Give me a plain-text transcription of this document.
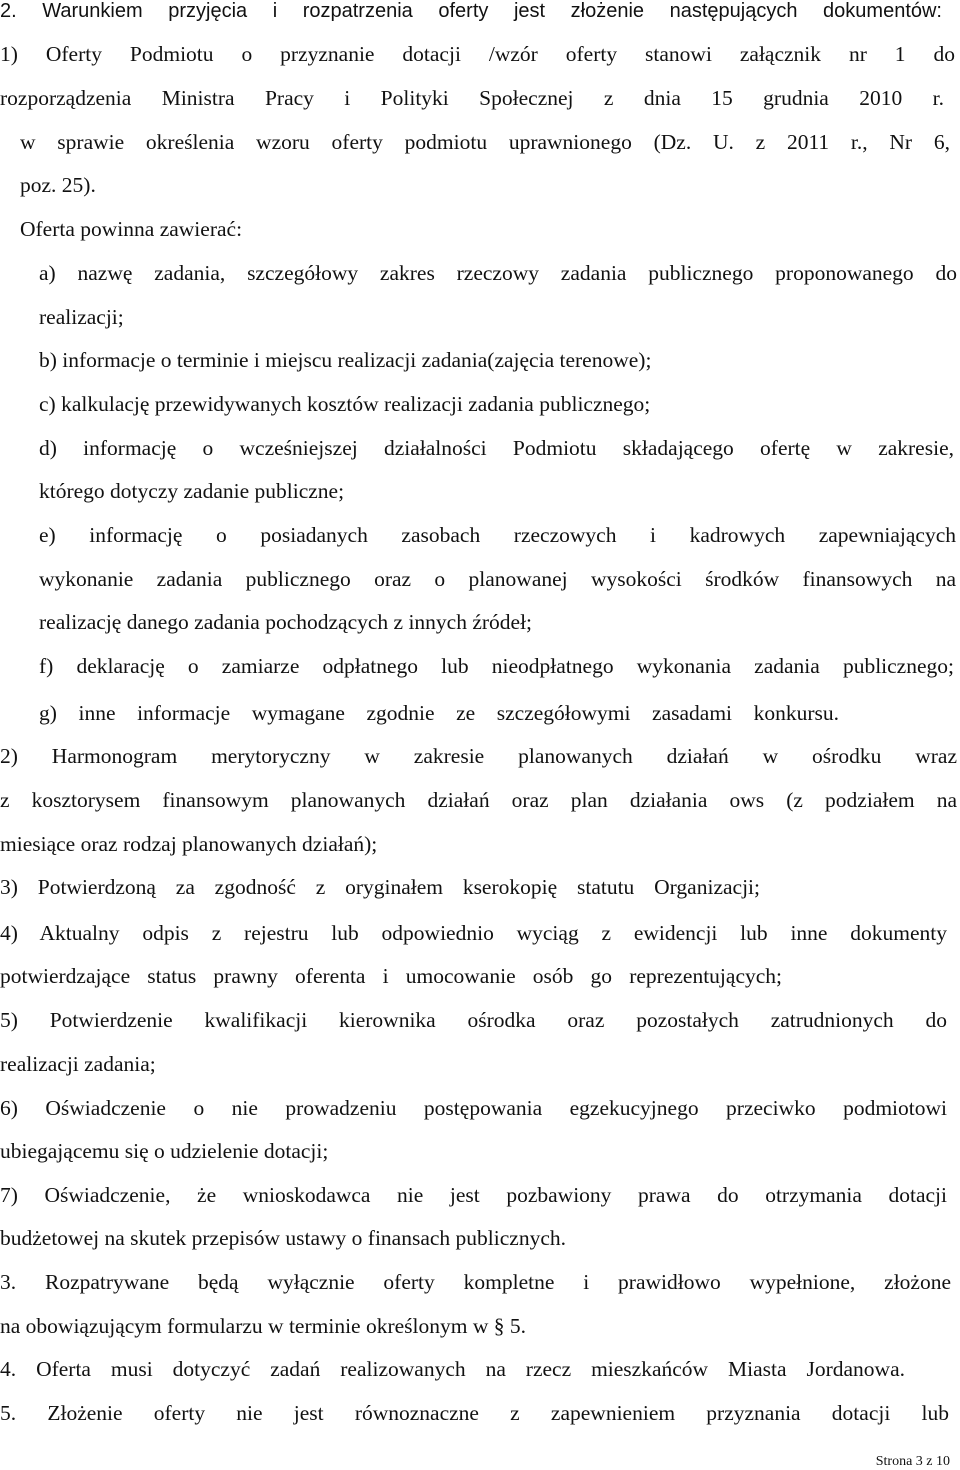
2. Warunkiem przyjęcia i rozpatrzenia oferty jest złożenie następujących dokumentów:
1) Oferty Podmiotu o przyznanie dotacji /wzór oferty stanowi załącznik nr 1 do
rozporządzenia Ministra Pracy i Polityki Społecznej z dnia 15 grudnia 2010 r.
w sprawie określenia wzoru oferty podmiotu uprawnionego (Dz. U. z 2011 r., Nr 6,
poz. 25).
Oferta powinna zawierać:
a) nazwę zadania, szczegółowy zakres rzeczowy zadania publicznego proponowanego do
realizacji;
b) informacje o terminie i miejscu realizacji zadania(zajęcia terenowe);
c) kalkulację przewidywanych kosztów realizacji zadania publicznego;
d) informację o wcześniejszej działalności Podmiotu składającego ofertę w zakresie,
którego dotyczy zadanie publiczne;
e) informację o posiadanych zasobach rzeczowych i kadrowych zapewniających
wykonanie zadania publicznego oraz o planowanej wysokości środków finansowych na
realizację danego zadania pochodzących z innych źródeł;
f) deklarację o zamiarze odpłatnego lub nieodpłatnego wykonania zadania publicznego;
g) inne informacje wymagane zgodnie ze szczegółowymi zasadami konkursu.
2) Harmonogram merytoryczny w zakresie planowanych działań w ośrodku wraz
z kosztorysem finansowym planowanych działań oraz plan działania ows (z podziałem na
miesiące oraz rodzaj planowanych działań);
3) Potwierdzoną za zgodność z oryginałem kserokopię statutu Organizacji;
4) Aktualny odpis z rejestru lub odpowiednio wyciąg z ewidencji lub inne dokumenty
potwierdzające status prawny oferenta i umocowanie osób go reprezentujących;
5) Potwierdzenie kwalifikacji kierownika ośrodka oraz pozostałych zatrudnionych do
realizacji zadania;
6) Oświadczenie o nie prowadzeniu postępowania egzekucyjnego przeciwko podmiotowi
ubiegającemu się o udzielenie dotacji;
7) Oświadczenie, że wnioskodawca nie jest pozbawiony prawa do otrzymania dotacji
budżetowej na skutek przepisów ustawy o finansach publicznych.
3. Rozpatrywane będą wyłącznie oferty kompletne i prawidłowo wypełnione, złożone
na obowiązującym formularzu w terminie określonym w § 5.
4. Oferta musi dotyczyć zadań realizowanych na rzecz mieszkańców Miasta Jordanowa.
5. Złożenie oferty nie jest równoznaczne z zapewnieniem przyznania dotacji lub
Strona 3 z 10
